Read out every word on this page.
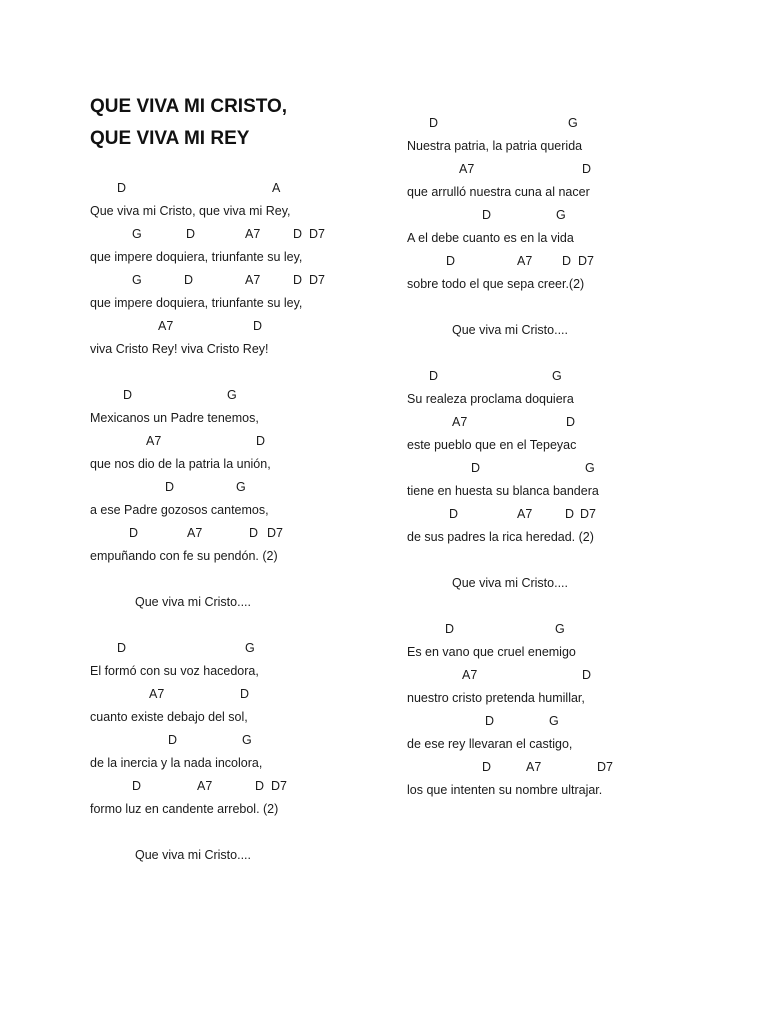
QUE VIVA MI CRISTO,
QUE VIVA MI REY
D	A
Que viva mi Cristo, que viva mi Rey,
G	D	A7	D D7
que impere doquiera, triunfante su ley,
G	D	A7	D D7
que impere doquiera, triunfante su ley,
A7	D
viva Cristo Rey! viva Cristo Rey!
D	G
Mexicanos un Padre tenemos,
A7	D
que nos dio de la patria la unión,
D	G
a ese Padre gozosos cantemos,
D	A7	D D7
empuñando con fe su pendón. (2)
Que viva mi Cristo....
D	G
El formó con su voz hacedora,
A7	D
cuanto existe debajo del sol,
D	G
de la inercia y la nada incolora,
D	A7	D D7
formo luz en candente arrebol. (2)
Que viva mi Cristo....
D	G
Nuestra patria, la patria querida
A7	D
que arrulló nuestra cuna al nacer
D	G
A el debe cuanto es en la vida
D	A7 D D7
sobre todo el que sepa creer.(2)
Que viva mi Cristo....
D	G
Su realeza proclama doquiera
A7	D
este pueblo que en el Tepeyac
D	G
tiene en huesta su blanca bandera
D	A7	D D7
de sus padres la rica heredad. (2)
Que viva mi Cristo....
D	G
Es en vano que cruel enemigo
A7	D
nuestro cristo pretenda humillar,
D	G
de ese rey llevaran el castigo,
D	A7	D7
los que intenten su nombre ultrajar.
